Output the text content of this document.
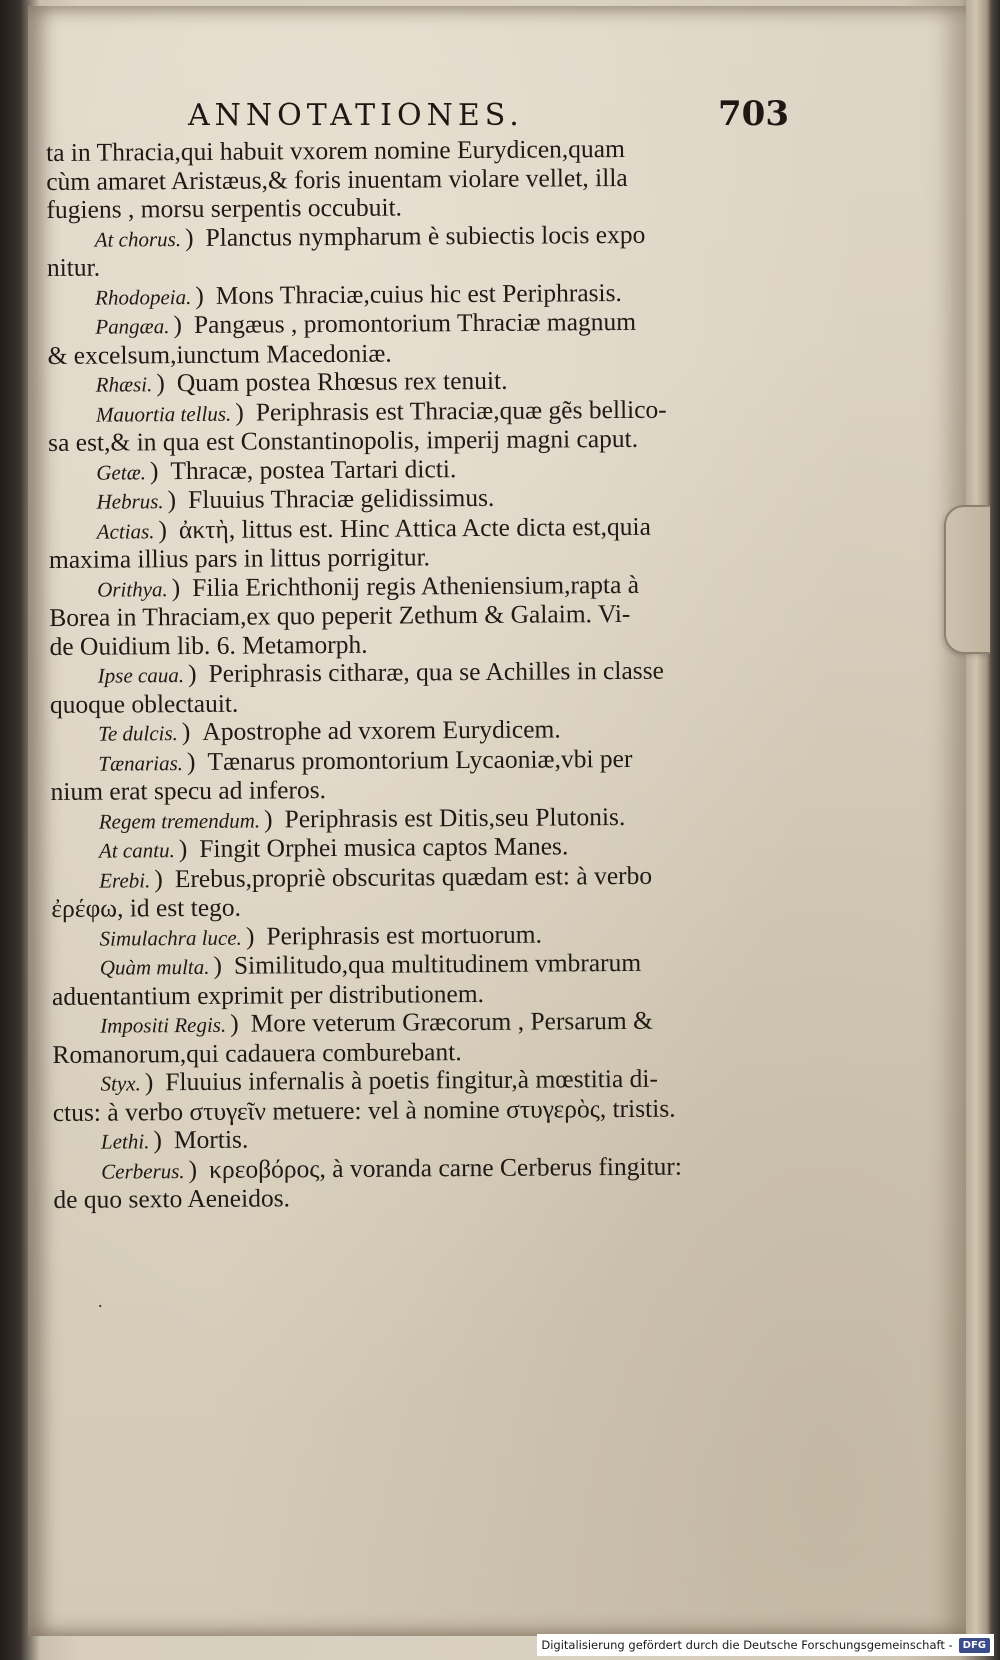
ANNOTATIONES.	703
ta in Thracia,qui habuit vxorem nomine Eurydicen,quam
cùm amaret Aristæus,& foris inuentam violare vellet, illa
fugiens , morsu serpentis occubuit.
At chorus. ) Planctus nympharum è subiectis locis expo
nitur.
Rhodopeia. ) Mons Thraciæ,cuius hic est Periphrasis.
Pangæa. ) Pangæus , promontorium Thraciæ magnum
& excelsum,iunctum Macedoniæ.
Rhæsi. ) Quam postea Rhœsus rex tenuit.
Mauortia tellus. ) Periphrasis est Thraciæ,quæ gẽs bellico-
sa est,& in qua est Constantinopolis, imperij magni caput.
Getæ. ) Thracæ, postea Tartari dicti.
Hebrus. ) Fluuius Thraciæ gelidissimus.
Actias. ) ἀκτὴ, littus est. Hinc Attica Acte dicta est,quia
maxima illius pars in littus porrigitur.
Orithya. ) Filia Erichthonij regis Atheniensium,rapta à
Borea in Thraciam,ex quo peperit Zethum & Galaim. Vi-
de Ouidium lib. 6. Metamorph.
Ipse caua. ) Periphrasis citharæ, qua se Achilles in classe
quoque oblectauit.
Te dulcis. ) Apostrophe ad vxorem Eurydicem.
Tænarias. ) Tænarus promontorium Lycaoniæ,vbi per
nium erat specu ad inferos.
Regem tremendum. ) Periphrasis est Ditis,seu Plutonis.
At cantu. ) Fingit Orphei musica captos Manes.
Erebi. ) Erebus,propriè obscuritas quædam est: à verbo
ἐρέφω, id est tego.
Simulachra luce. ) Periphrasis est mortuorum.
Quàm multa. ) Similitudo,qua multitudinem vmbrarum
aduentantium exprimit per distributionem.
Impositi Regis. ) More veterum Græcorum , Persarum &
Romanorum,qui cadauera comburebant.
Styx. ) Fluuius infernalis à poetis fingitur,à mœstitia di-
ctus: à verbo στυγεῖν metuere: vel à nomine στυγερὸς, tristis.
Lethi. ) Mortis.
Cerberus. ) κρεοβόρος, à voranda carne Cerberus fingitur:
de quo sexto Aeneidos.
.
Digitalisierung gefördert durch die Deutsche Forschungsgemeinschaft -	DFG
